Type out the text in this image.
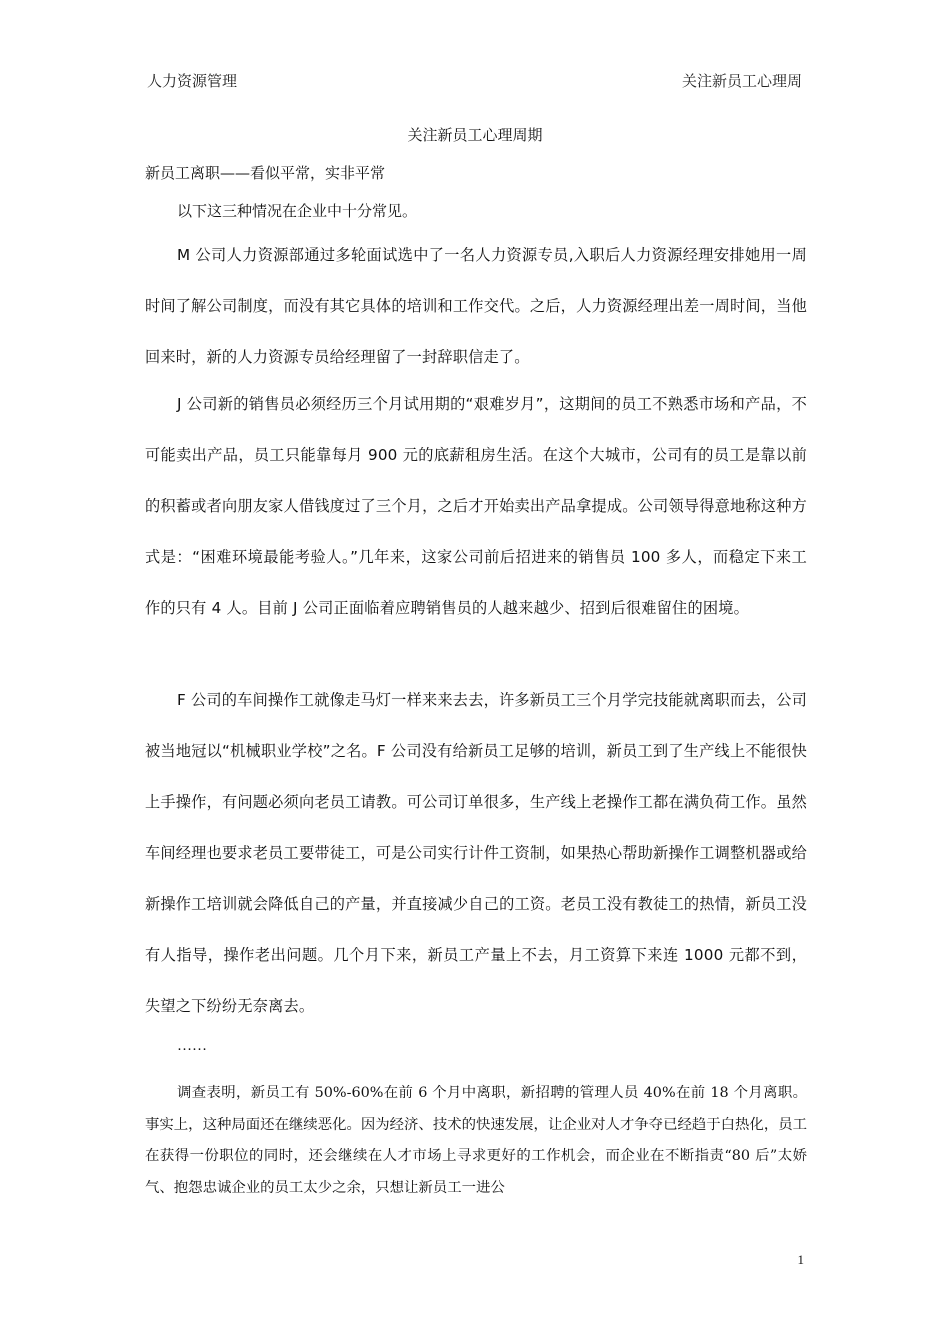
人力资源管理	关注新员工心理周
关注新员工心理周期
新员工离职——看似平常，实非平常
以下这三种情况在企业中十分常见。

M 公司人力资源部通过多轮面试选中了一名人力资源专员,入职后人力资源经理安排她用一周时间了解公司制度，而没有其它具体的培训和工作交代。之后，人力资源经理出差一周时间，当他回来时，新的人力资源专员给经理留了一封辞职信走了。

J 公司新的销售员必须经历三个月试用期的“艰难岁月”，这期间的员工不熟悉市场和产品，不可能卖出产品，员工只能靠每月 900 元的底薪租房生活。在这个大城市，公司有的员工是靠以前的积蓄或者向朋友家人借钱度过了三个月，之后才开始卖出产品拿提成。公司领导得意地称这种方式是：“困难环境最能考验人。”几年来，这家公司前后招进来的销售员 100 多人，而稳定下来工作的只有 4 人。目前 J 公司正面临着应聘销售员的人越来越少、招到后很难留住的困境。

F 公司的车间操作工就像走马灯一样来来去去，许多新员工三个月学完技能就离职而去，公司被当地冠以“机械职业学校”之名。F 公司没有给新员工足够的培训，新员工到了生产线上不能很快上手操作，有问题必须向老员工请教。可公司订单很多，生产线上老操作工都在满负荷工作。虽然车间经理也要求老员工要带徒工，可是公司实行计件工资制，如果热心帮助新操作工调整机器或给新操作工培训就会降低自己的产量，并直接减少自己的工资。老员工没有教徒工的热情，新员工没有人指导，操作老出问题。几个月下来，新员工产量上不去，月工资算下来连 1000 元都不到，失望之下纷纷无奈离去。

……

调查表明，新员工有 50%-60%在前 6 个月中离职，新招聘的管理人员 40%在前 18 个月离职。事实上，这种局面还在继续恶化。因为经济、技术的快速发展，让企业对人才争夺已经趋于白热化，员工在获得一份职位的同时，还会继续在人才市场上寻求更好的工作机会，而企业在不断指责“80 后”太娇气、抱怨忠诚企业的员工太少之余，只想让新员工一进公

1
